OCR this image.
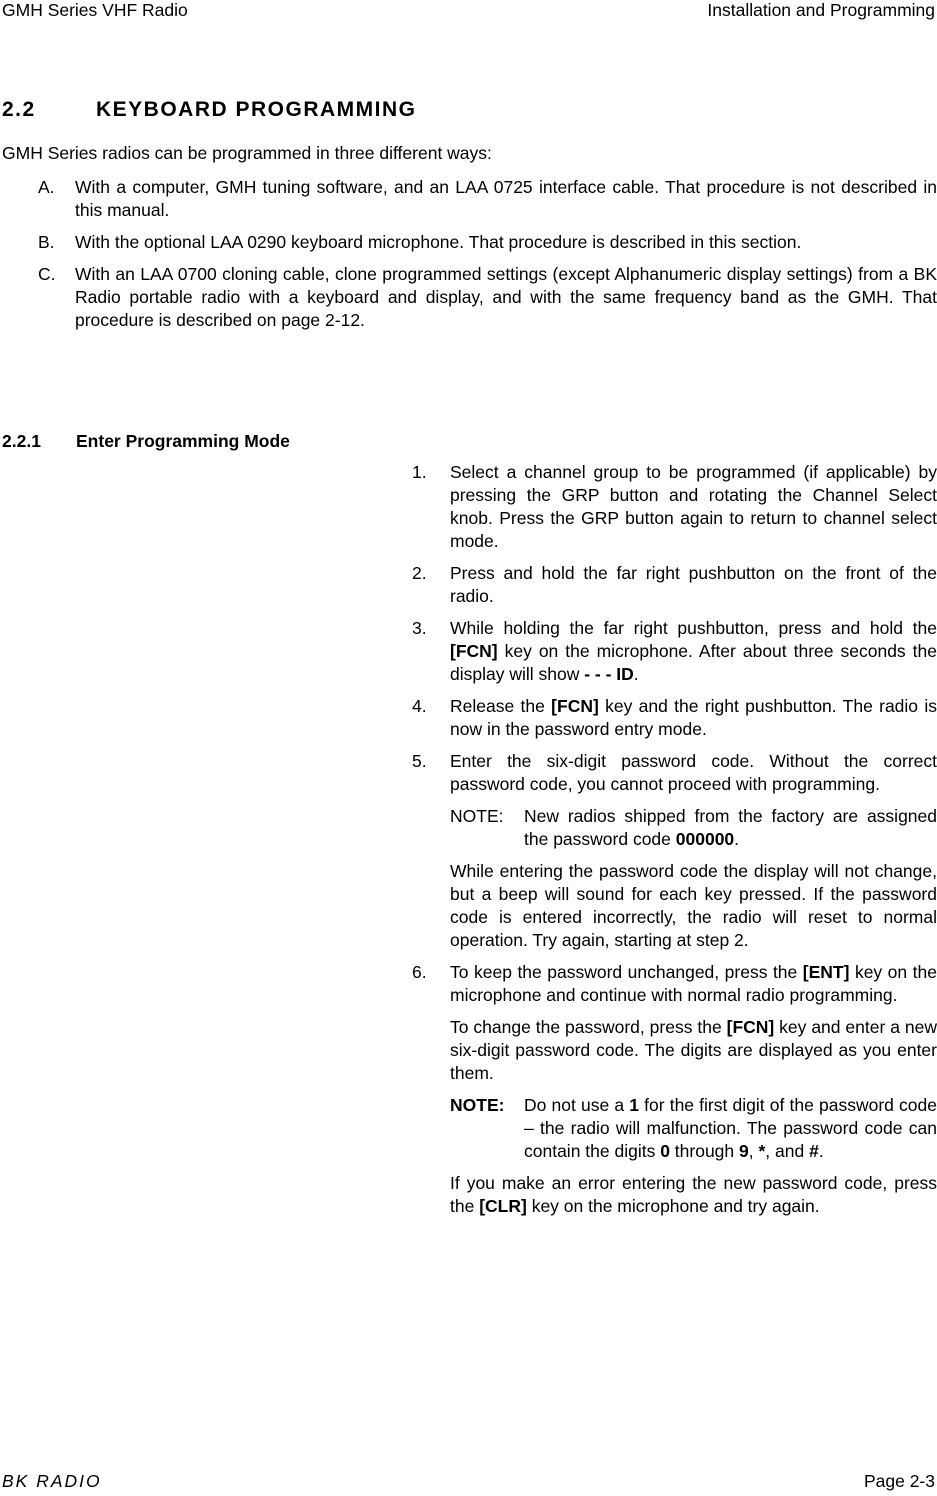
GMH Series VHF Radio	Installation and Programming
2.2	KEYBOARD PROGRAMMING
GMH Series radios can be programmed in three different ways:
A. With a computer, GMH tuning software, and an LAA 0725 interface cable. That procedure is not described in this manual.
B. With the optional LAA 0290 keyboard microphone. That procedure is described in this section.
C. With an LAA 0700 cloning cable, clone programmed settings (except Alphanumeric display settings) from a BK Radio portable radio with a keyboard and display, and with the same frequency band as the GMH. That procedure is described on page 2-12.
2.2.1 Enter Programming Mode
1. Select a channel group to be programmed (if applicable) by pressing the GRP button and rotating the Channel Select knob. Press the GRP button again to return to channel select mode.
2. Press and hold the far right pushbutton on the front of the radio.
3. While holding the far right pushbutton, press and hold the [FCN] key on the microphone. After about three seconds the display will show - - - ID.
4. Release the [FCN] key and the right pushbutton. The radio is now in the password entry mode.
5. Enter the six-digit password code. Without the correct password code, you cannot proceed with programming.
NOTE: New radios shipped from the factory are assigned the password code 000000.
While entering the password code the display will not change, but a beep will sound for each key pressed. If the password code is entered incorrectly, the radio will reset to normal operation. Try again, starting at step 2.
6. To keep the password unchanged, press the [ENT] key on the microphone and continue with normal radio programming.
To change the password, press the [FCN] key and enter a new six-digit password code. The digits are displayed as you enter them.
NOTE: Do not use a 1 for the first digit of the password code – the radio will malfunction. The password code can contain the digits 0 through 9, *, and #.
If you make an error entering the new password code, press the [CLR] key on the microphone and try again.
BK RADIO	Page 2-3
